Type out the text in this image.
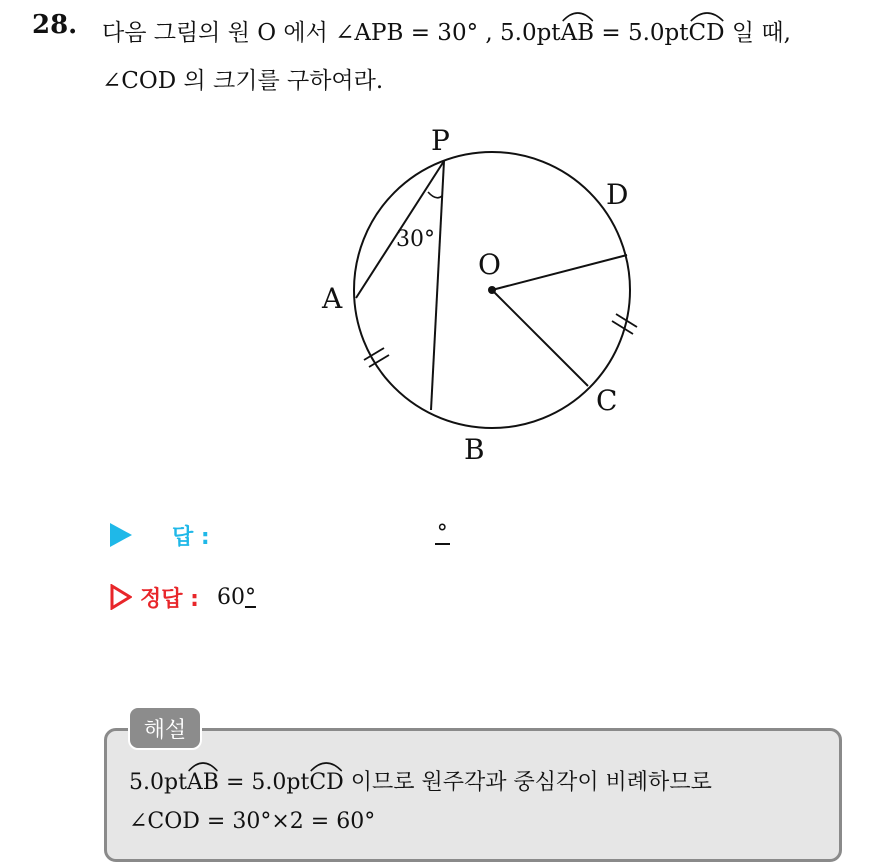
28. 다음 그림의 원 O 에서 ∠APB = 30° , 5.0pt
AB = 5.0pt
CD 일 때,
∠COD 의 크기를 구하여라.
P
A
B
C
D
O
30°
답 :	°
정답 : 60°
5.0pt
AB = 5.0pt
CD 이므로 원주각과 중심각이 비례하므로
∠COD = 30°×2 = 60°
해설
